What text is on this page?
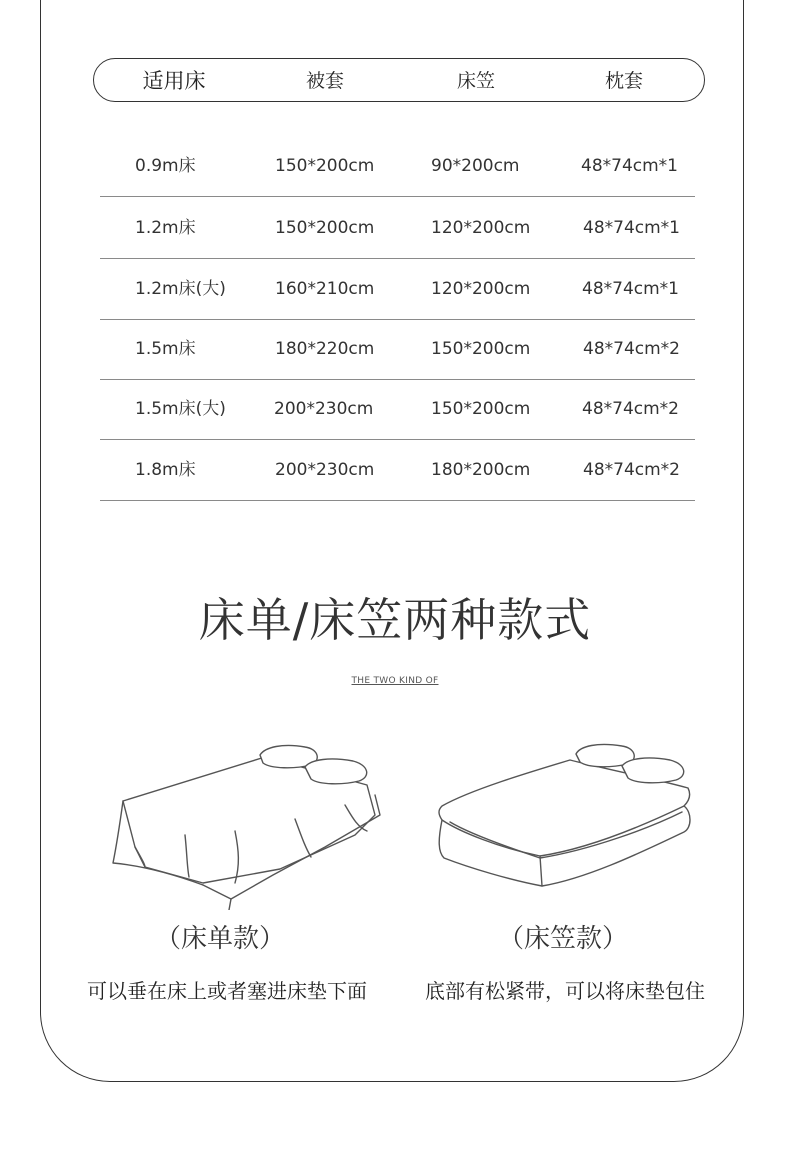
适用床	被套	床笠	枕套
0.9m床	150*200cm	90*200cm	48*74cm*1
1.2m床	150*200cm	120*200cm	48*74cm*1
1.2m床(大)	160*210cm	120*200cm	48*74cm*1
1.5m床	180*220cm	150*200cm	48*74cm*2
1.5m床(大)	200*230cm	150*200cm	48*74cm*2
1.8m床	200*230cm	180*200cm	48*74cm*2
床单/床笠两种款式
THE TWO KIND OF
（床单款）	（床笠款）
可以垂在床上或者塞进床垫下面	底部有松紧带，可以将床垫包住
